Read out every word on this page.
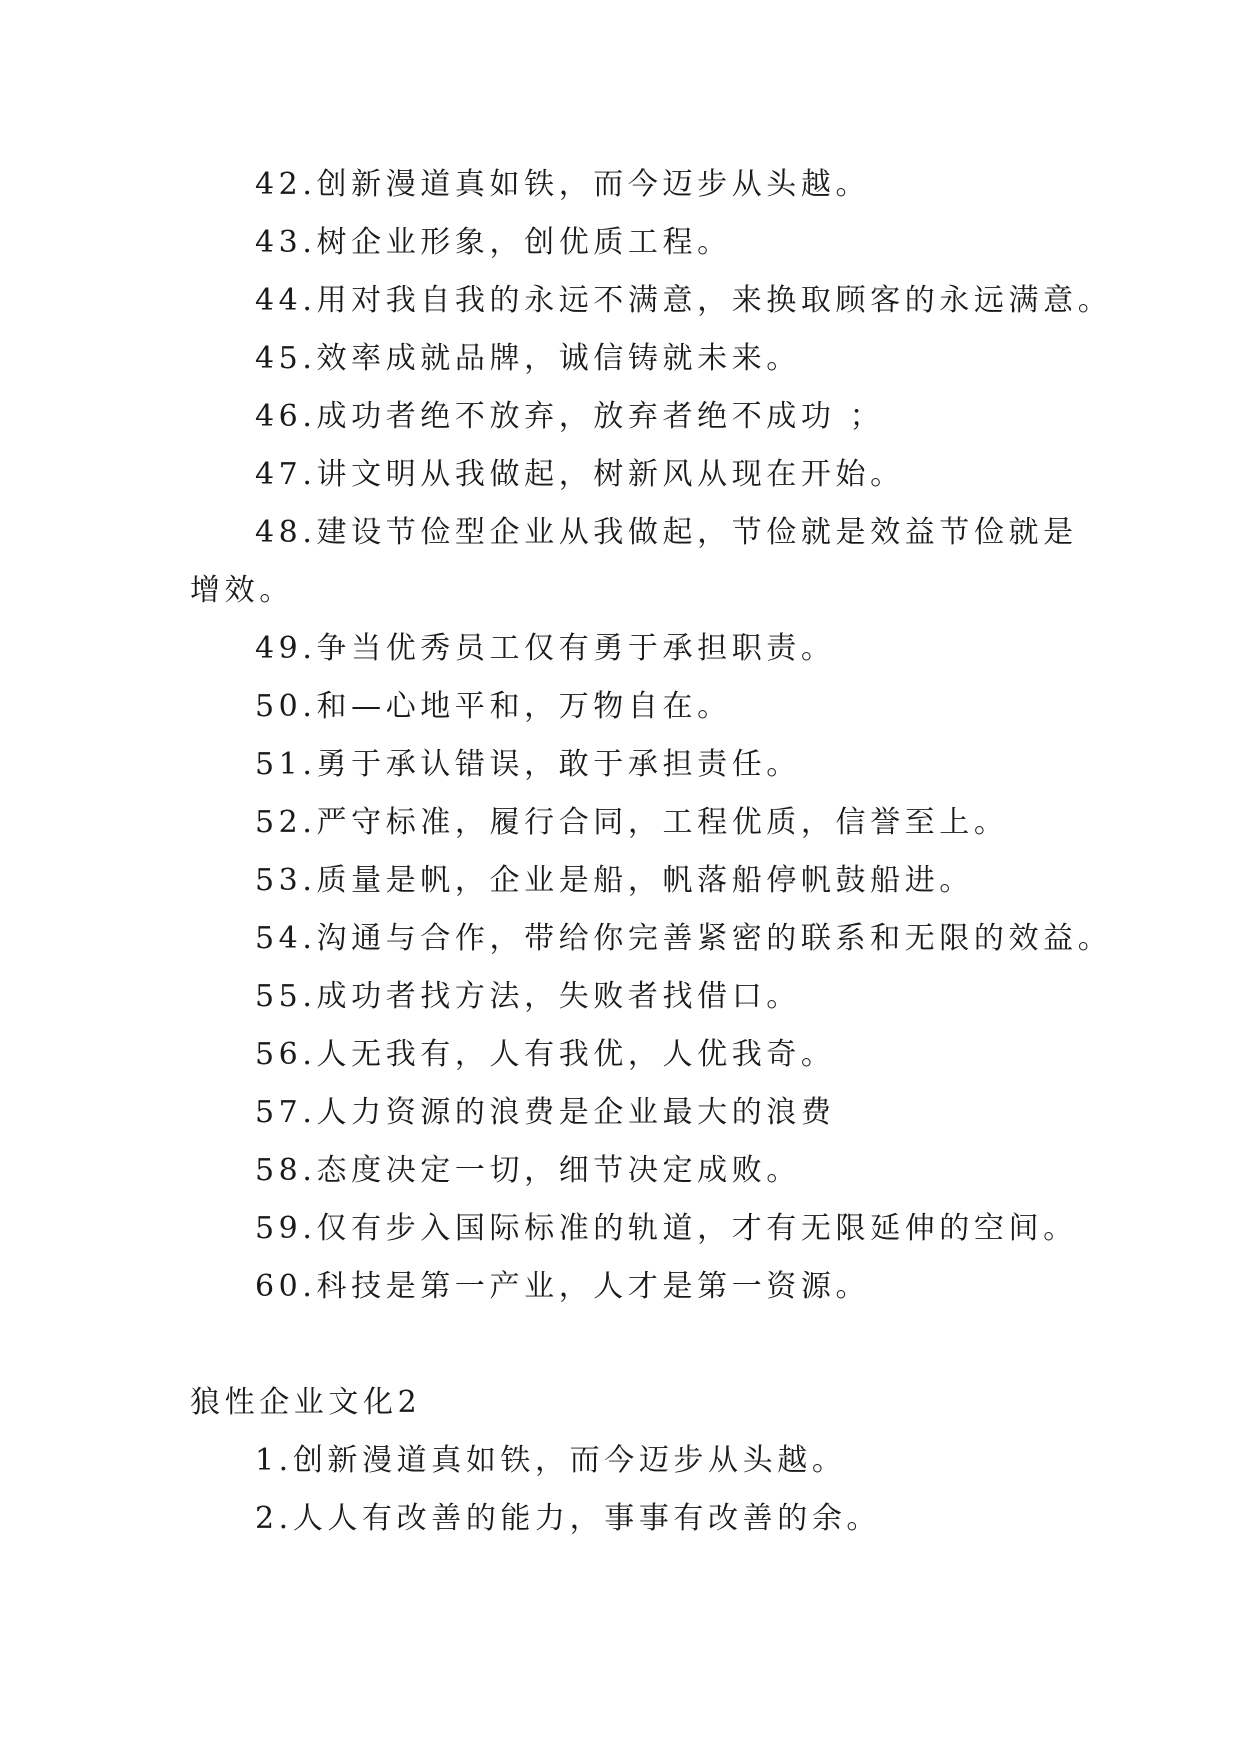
42.创新漫道真如铁，而今迈步从头越。
43.树企业形象，创优质工程。
44.用对我自我的永远不满意，来换取顾客的永远满意。
45.效率成就品牌，诚信铸就未来。
46.成功者绝不放弃，放弃者绝不成功 ；
47.讲文明从我做起，树新风从现在开始。
48.建设节俭型企业从我做起，节俭就是效益节俭就是
增效。
49.争当优秀员工仅有勇于承担职责。
50.和—心地平和，万物自在。
51.勇于承认错误，敢于承担责任。
52.严守标准，履行合同，工程优质，信誉至上。
53.质量是帆，企业是船，帆落船停帆鼓船进。
54.沟通与合作，带给你完善紧密的联系和无限的效益。
55.成功者找方法，失败者找借口。
56.人无我有，人有我优，人优我奇。
57.人力资源的浪费是企业最大的浪费
58.态度决定一切，细节决定成败。
59.仅有步入国际标准的轨道，才有无限延伸的空间。
60.科技是第一产业，人才是第一资源。
狼性企业文化2
1.创新漫道真如铁，而今迈步从头越。
2.人人有改善的能力，事事有改善的余。
